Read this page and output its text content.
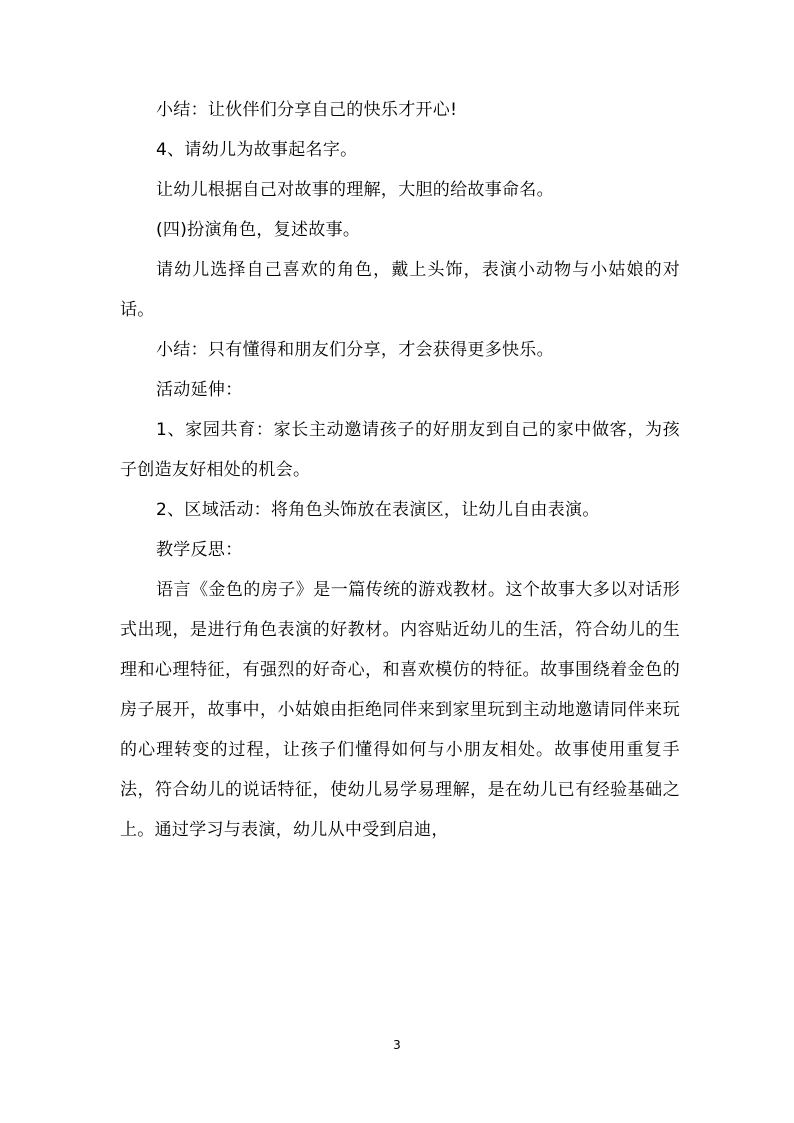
小结：让伙伴们分享自己的快乐才开心!

4、请幼儿为故事起名字。

让幼儿根据自己对故事的理解，大胆的给故事命名。

(四)扮演角色，复述故事。

请幼儿选择自己喜欢的角色，戴上头饰，表演小动物与小姑娘的对话。

小结：只有懂得和朋友们分享，才会获得更多快乐。

活动延伸：

1、家园共育：家长主动邀请孩子的好朋友到自己的家中做客，为孩子创造友好相处的机会。

2、区域活动：将角色头饰放在表演区，让幼儿自由表演。

教学反思：

语言《金色的房子》是一篇传统的游戏教材。这个故事大多以对话形式出现，是进行角色表演的好教材。内容贴近幼儿的生活，符合幼儿的生理和心理特征，有强烈的好奇心，和喜欢模仿的特征。故事围绕着金色的房子展开，故事中，小姑娘由拒绝同伴来到家里玩到主动地邀请同伴来玩的心理转变的过程，让孩子们懂得如何与小朋友相处。故事使用重复手法，符合幼儿的说话特征，使幼儿易学易理解，是在幼儿已有经验基础之上。通过学习与表演，幼儿从中受到启迪，

3
